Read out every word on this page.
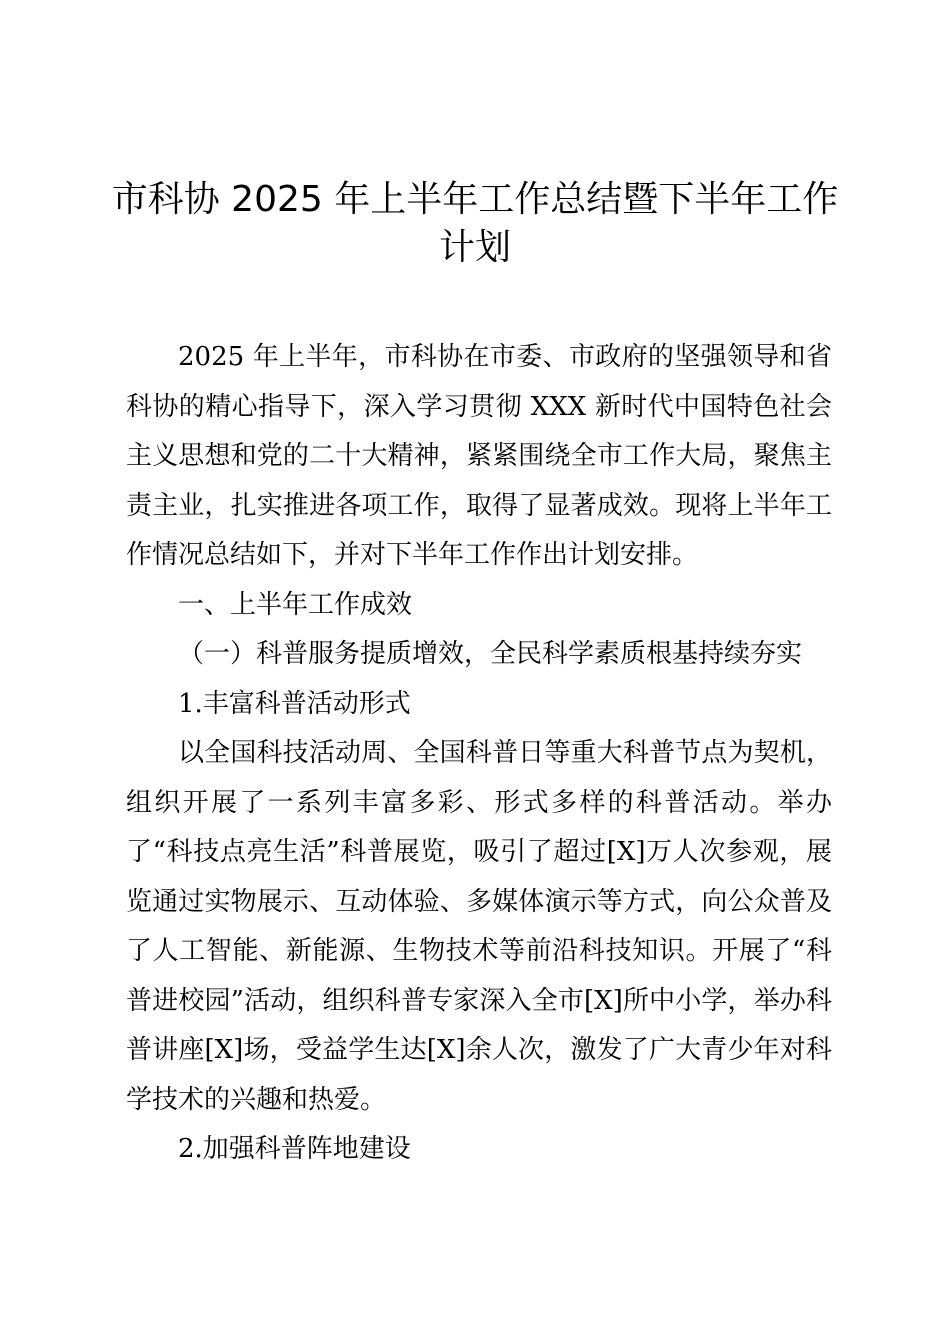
市科协 2025 年上半年工作总结暨下半年工作计划

2025 年上半年，市科协在市委、市政府的坚强领导和省科协的精心指导下，深入学习贯彻 XXX 新时代中国特色社会主义思想和党的二十大精神，紧紧围绕全市工作大局，聚焦主责主业，扎实推进各项工作，取得了显著成效。现将上半年工作情况总结如下，并对下半年工作作出计划安排。

一、上半年工作成效

（一）科普服务提质增效，全民科学素质根基持续夯实

1.丰富科普活动形式

以全国科技活动周、全国科普日等重大科普节点为契机，组织开展了一系列丰富多彩、形式多样的科普活动。举办了“科技点亮生活”科普展览，吸引了超过[X]万人次参观，展览通过实物展示、互动体验、多媒体演示等方式，向公众普及了人工智能、新能源、生物技术等前沿科技知识。开展了“科普进校园”活动，组织科普专家深入全市[X]所中小学，举办科普讲座[X]场，受益学生达[X]余人次，激发了广大青少年对科学技术的兴趣和热爱。

2.加强科普阵地建设
